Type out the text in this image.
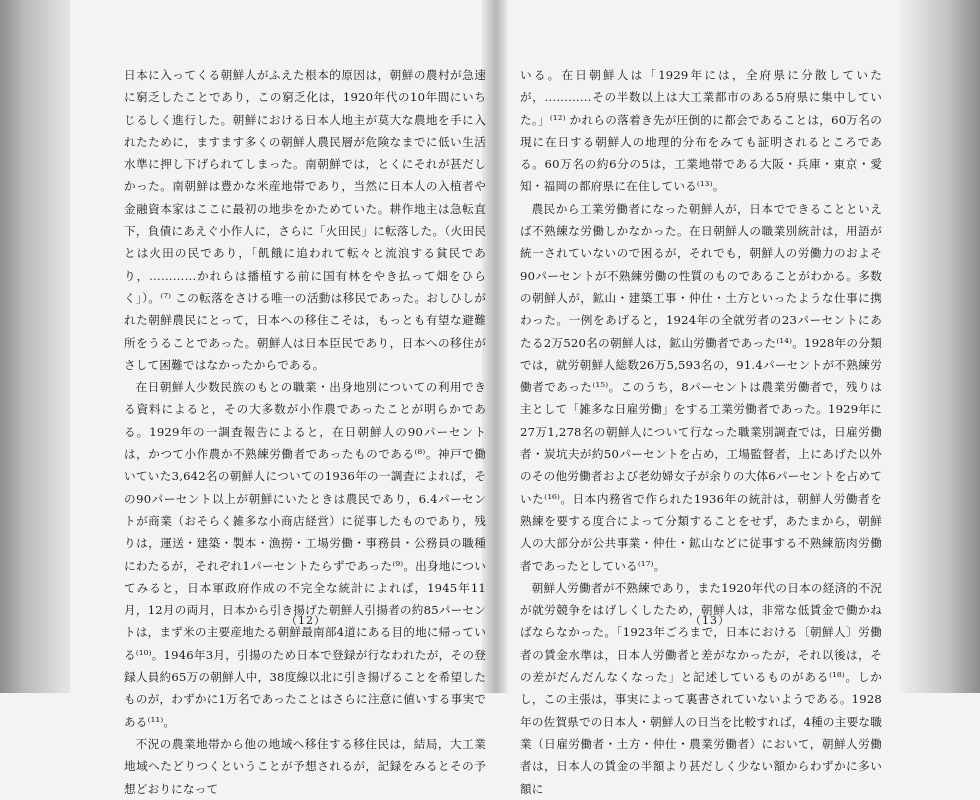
日本に入ってくる朝鮮人がふえた根本的原因は，朝鮮の農村が急速に窮乏したことであり，この窮乏化は，1920年代の10年間にいちじるしく進行した。朝鮮における日本人地主が莫大な農地を手に入れたために，ますます多くの朝鮮人農民層が危険なまでに低い生活水準に押し下げられてしまった。南朝鮮では，とくにそれが甚だしかった。南朝鮮は豊かな米産地帯であり，当然に日本人の入植者や金融資本家はここに最初の地歩をかためていた。耕作地主は急転直下，負債にあえぐ小作人に，さらに「火田民」に転落した。（火田民とは火田の民であり，「飢餓に追われて転々と流浪する貧民であり，…………かれらは播植する前に国有林をやき払って畑をひらく」）。⁽⁷⁾ この転落をさける唯一の活動は移民であった。おしひしがれた朝鮮農民にとって，日本への移住こそは，もっとも有望な避難所をうることであった。朝鮮人は日本臣民であり，日本への移住がさして困難ではなかったからである。

在日朝鮮人少数民族のもとの職業・出身地別についての利用できる資料によると，その大多数が小作農であったことが明らかである。1929年の一調査報告によると，在日朝鮮人の90パーセントは，かつて小作農か不熟練労働者であったものである⁽⁸⁾。神戸で働いていた3,642名の朝鮮人についての1936年の一調査によれば，その90パーセント以上が朝鮮にいたときは農民であり，6.4パーセントが商業（おそらく雑多な小商店経営）に従事したものであり，残りは，運送・建築・製本・漁撈・工場労働・事務員・公務員の職種にわたるが，それぞれ1パーセントたらずであった⁽⁹⁾。出身地についてみると，日本軍政府作成の不完全な統計によれば，1945年11月，12月の両月，日本から引き揚げた朝鮮人引揚者の約85パーセントは，まず米の主要産地たる朝鮮最南部4道にある目的地に帰っている⁽¹⁰⁾。1946年3月，引揚のため日本で登録が行なわれたが，その登録人員約65万の朝鮮人中，38度線以北に引き揚げることを希望したものが，わずかに1万名であったことはさらに注意に値いする事実である⁽¹¹⁾。

不況の農業地帯から他の地域へ移住する移住民は，結局，大工業地域へたどりつくということが予想されるが，記録をみるとその予想どおりになって

（12）

いる。在日朝鮮人は「1929年には，全府県に分散していたが，…………その半数以上は大工業都市のある5府県に集中していた。」⁽¹²⁾ かれらの落着き先が圧倒的に都会であることは，60万名の現に在日する朝鮮人の地理的分布をみても証明されるところである。60万名の約6分の5は，工業地帯である大阪・兵庫・東京・愛知・福岡の都府県に在住している⁽¹³⁾。

農民から工業労働者になった朝鮮人が，日本でできることといえば不熟練な労働しかなかった。在日朝鮮人の職業別統計は，用語が統一されていないので困るが，それでも，朝鮮人の労働力のおよそ90パーセントが不熟練労働の性質のものであることがわかる。多数の朝鮮人が，鉱山・建築工事・仲仕・土方といったような仕事に携わった。一例をあげると，1924年の全就労者の23パーセントにあたる2万520名の朝鮮人は，鉱山労働者であった⁽¹⁴⁾。1928年の分類では，就労朝鮮人総数26万5,593名の，91.4パーセントが不熟練労働者であった⁽¹⁵⁾。このうち，8パーセントは農業労働者で，残りは主として「雑多な日雇労働」をする工業労働者であった。1929年に27万1,278名の朝鮮人について行なった職業別調査では，日雇労働者・炭坑夫が約50パーセントを占め，工場監督者，上にあげた以外のその他労働者および老幼婦女子が余りの大体6パーセントを占めていた⁽¹⁶⁾。日本内務省で作られた1936年の統計は，朝鮮人労働者を熟練を要する度合によって分類することをせず，あたまから，朝鮮人の大部分が公共事業・仲仕・鉱山などに従事する不熟練筋肉労働者であったとしている⁽¹⁷⁾。

朝鮮人労働者が不熟練であり，また1920年代の日本の経済的不況が就労競争をはげしくしたため，朝鮮人は，非常な低賃金で働かねばならなかった。「1923年ごろまで，日本における〔朝鮮人〕労働者の賃金水準は，日本人労働者と差がなかったが，それ以後は，その差がだんだんなくなった」と記述しているものがある⁽¹⁸⁾。しかし，この主張は，事実によって裏書されていないようである。1928年の佐賀県での日本人・朝鮮人の日当を比較すれば，4種の主要な職業（日雇労働者・土方・仲仕・農業労働者）において，朝鮮人労働者は，日本人の賃金の半額より甚だしく少ない額からわずかに多い額に

（13）
